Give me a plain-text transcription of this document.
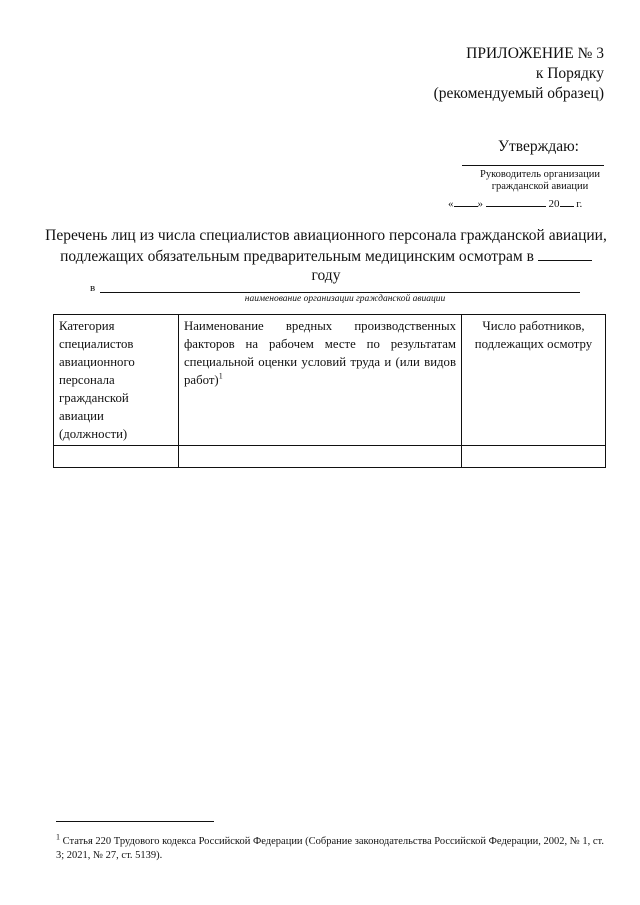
ПРИЛОЖЕНИЕ № 3
к Порядку
(рекомендуемый образец)
Утверждаю:
Руководитель организации
гражданской авиации
« »	20 г.
Перечень лиц из числа специалистов авиационного персонала гражданской авиации,
подлежащих обязательным предварительным медицинским осмотрам в
году
в
наименование организации гражданской авиации
Категория специалистов авиационного персонала гражданской авиации (должности)	Наименование вредных производственных факторов на рабочем месте по результатам специальной оценки условий труда и (или видов работ)$^1$	Число работников, подлежащих осмотру

$^1$ Статья 220 Трудового кодекса Российской Федерации (Собрание законодательства Российской Федерации, 2002, № 1, ст. 3; 2021, № 27, ст. 5139).
